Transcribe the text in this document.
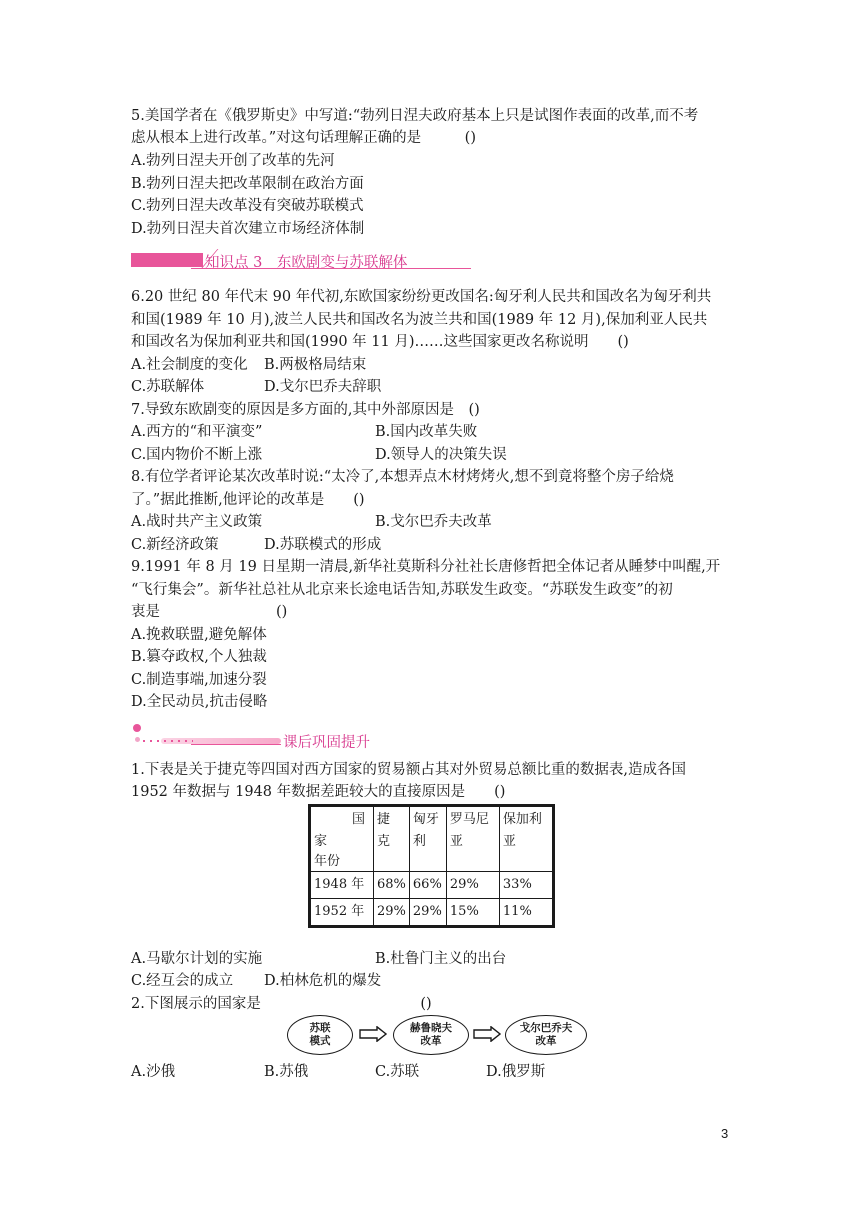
5.美国学者在《俄罗斯史》中写道:“勃列日涅夫政府基本上只是试图作表面的改革,而不考
虑从根本上进行改革。”对这句话理解正确的是　　　()
A.勃列日涅夫开创了改革的先河
B.勃列日涅夫把改革限制在政治方面
C.勃列日涅夫改革没有突破苏联模式
D.勃列日涅夫首次建立市场经济体制
知识点 3　东欧剧变与苏联解体
6.20 世纪 80 年代末 90 年代初,东欧国家纷纷更改国名:匈牙利人民共和国改名为匈牙利共
和国(1989 年 10 月),波兰人民共和国改名为波兰共和国(1989 年 12 月),保加利亚人民共
和国改名为保加利亚共和国(1990 年 11 月)……这些国家更改名称说明　　()
A.社会制度的变化 B.两极格局结束
C.苏联解体	D.戈尔巴乔夫辞职
7.导致东欧剧变的原因是多方面的,其中外部原因是　()
A.西方的“和平演变”	B.国内改革失败
C.国内物价不断上涨	D.领导人的决策失误
8.有位学者评论某次改革时说:“太冷了,本想弄点木材烤烤火,想不到竟将整个房子给烧
了。”据此推断,他评论的改革是　　()
A.战时共产主义政策	B.戈尔巴乔夫改革
C.新经济政策	D.苏联模式的形成
9.1991 年 8 月 19 日星期一清晨,新华社莫斯科分社社长唐修哲把全体记者从睡梦中叫醒,开
“飞行集会”。新华社总社从北京来长途电话告知,苏联发生政变。“苏联发生政变”的初
衷是　　　　　　　　()
A.挽救联盟,避免解体
B.篡夺政权,个人独裁
C.制造事端,加速分裂
D.全民动员,抗击侵略
课后巩固提升
1.下表是关于捷克等四国对西方国家的贸易额占其对外贸易总额比重的数据表,造成各国
1952 年数据与 1948 年数据差距较大的直接原因是　　()
国
家
年份	捷
克	匈牙
利	罗马尼
亚	保加利
亚
1948 年	68%	66%	29%	33%
1952 年	29%	29%	15%	11%
A.马歇尔计划的实施	B.杜鲁门主义的出台
C.经互会的成立 D.柏林危机的爆发
2.下图展示的国家是　　　　　　　　　　　()
苏联
模式
赫鲁晓夫
改革
戈尔巴乔夫
改革
A.沙俄	B.苏俄	C.苏联	D.俄罗斯
3
